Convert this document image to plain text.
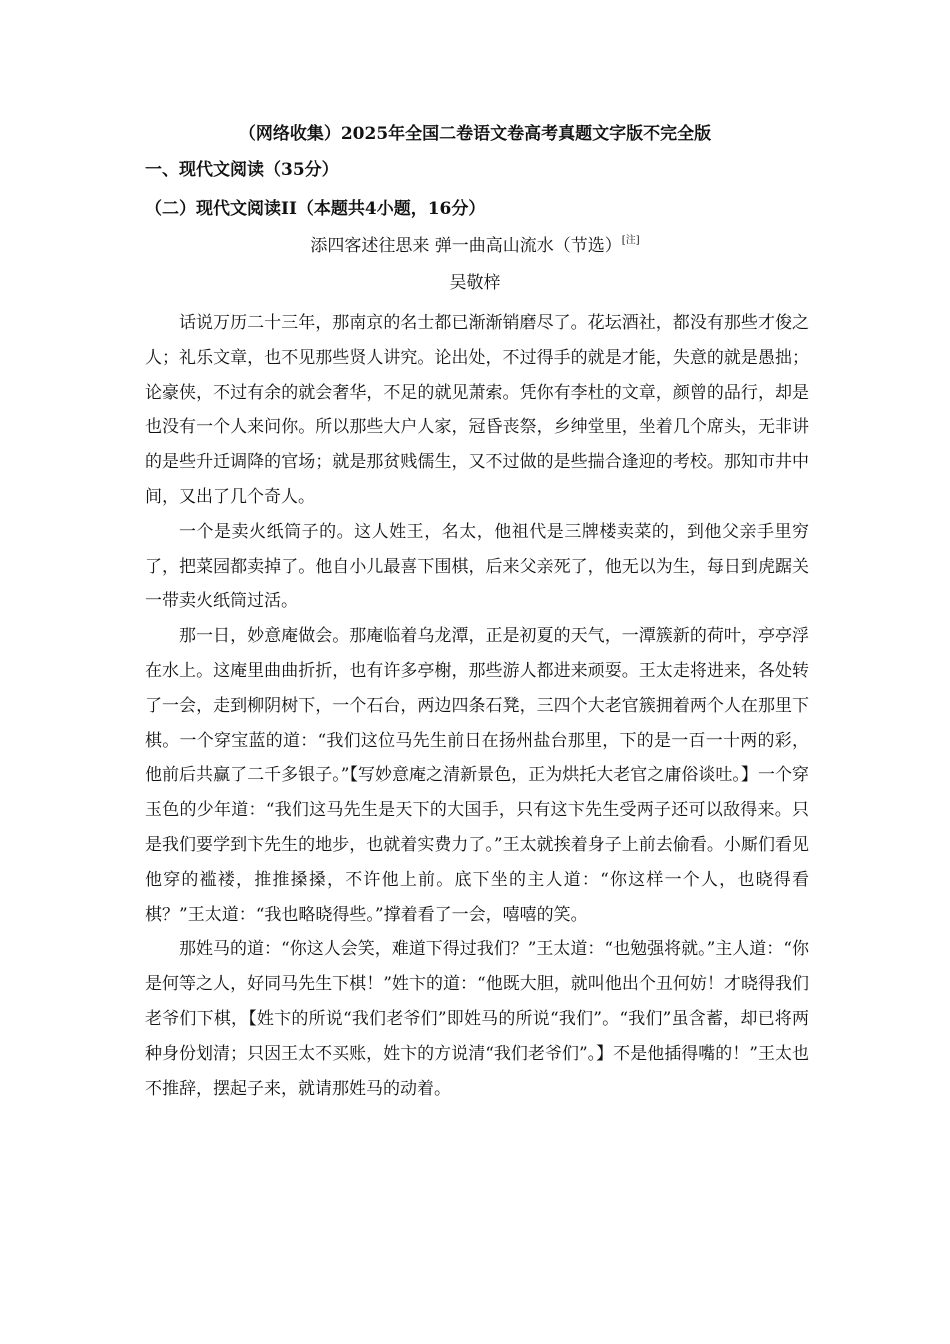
（网络收集）2025年全国二卷语文卷高考真题文字版不完全版
一、现代文阅读（35分）
（二）现代文阅读II（本题共4小题，16分）
添四客述往思来 弹一曲高山流水（节选）[注]
吴敬梓

话说万历二十三年，那南京的名士都已渐渐销磨尽了。花坛酒社，都没有那些才俊之人；礼乐文章，也不见那些贤人讲究。论出处，不过得手的就是才能，失意的就是愚拙；论豪侠，不过有余的就会奢华，不足的就见萧索。凭你有李杜的文章，颜曾的品行，却是也没有一个人来问你。所以那些大户人家，冠昏丧祭，乡绅堂里，坐着几个席头，无非讲的是些升迁调降的官场；就是那贫贱儒生，又不过做的是些揣合逢迎的考校。那知市井中间，又出了几个奇人。

一个是卖火纸筒子的。这人姓王，名太，他祖代是三牌楼卖菜的，到他父亲手里穷了，把菜园都卖掉了。他自小儿最喜下围棋，后来父亲死了，他无以为生，每日到虎踞关一带卖火纸筒过活。

那一日，妙意庵做会。那庵临着乌龙潭，正是初夏的天气，一潭簇新的荷叶，亭亭浮在水上。这庵里曲曲折折，也有许多亭榭，那些游人都进来顽耍。王太走将进来，各处转了一会，走到柳阴树下，一个石台，两边四条石凳，三四个大老官簇拥着两个人在那里下棋。一个穿宝蓝的道：“我们这位马先生前日在扬州盐台那里，下的是一百一十两的彩，他前后共赢了二千多银子。”【写妙意庵之清新景色，正为烘托大老官之庸俗谈吐。】一个穿玉色的少年道：“我们这马先生是天下的大国手，只有这卞先生受两子还可以敌得来。只是我们要学到卞先生的地步，也就着实费力了。”王太就挨着身子上前去偷看。小厮们看见他穿的褴褛，推推搡搡，不许他上前。底下坐的主人道：“你这样一个人，也晓得看棋？”王太道：“我也略晓得些。”撑着看了一会，嘻嘻的笑。

那姓马的道：“你这人会笑，难道下得过我们？”王太道：“也勉强将就。”主人道：“你是何等之人，好同马先生下棋！”姓卞的道：“他既大胆，就叫他出个丑何妨！才晓得我们老爷们下棋，【姓卞的所说“我们老爷们”即姓马的所说“我们”。“我们”虽含蓄，却已将两种身份划清；只因王太不买账，姓卞的方说清“我们老爷们”。】不是他插得嘴的！”王太也不推辞，摆起子来，就请那姓马的动着。
